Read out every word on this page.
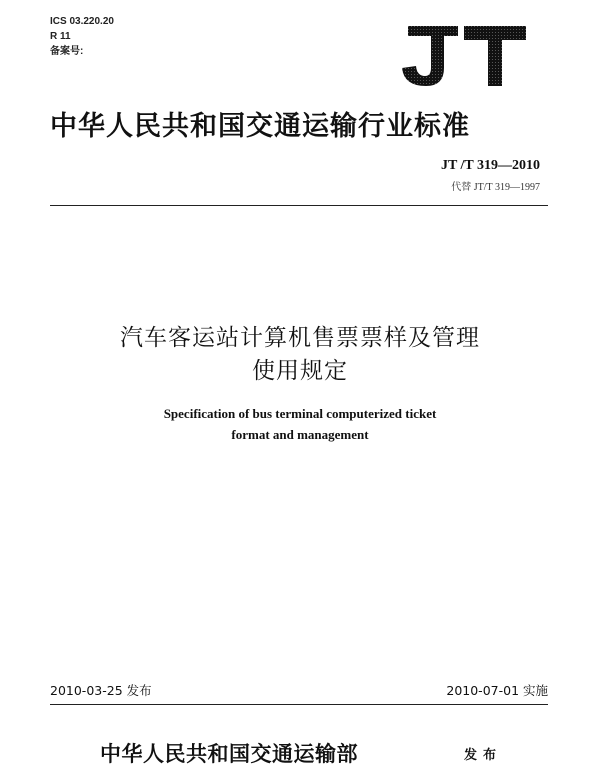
ICS 03.220.20
R 11
备案号:
JT
中华人民共和国交通运输行业标准
JT /T 319—2010
代替 JT/T 319—1997
汽车客运站计算机售票票样及管理
使用规定
Specification of bus terminal computerized ticket
format and management
2010-03-25 发布	2010-07-01 实施
中华人民共和国交通运输部	发布
